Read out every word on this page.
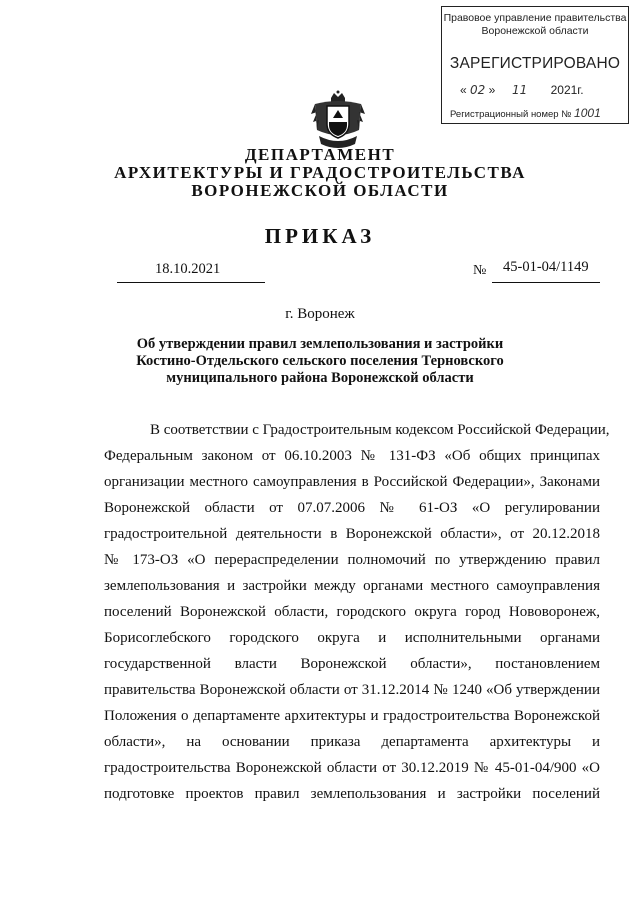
Правовое управление правительства
Воронежской области
ЗАРЕГИСТРИРОВАНО
« 02 »     11 2021г.
Регистрационный номер № 1001
ДЕПАРТАМЕНТ
АРХИТЕКТУРЫ И ГРАДОСТРОИТЕЛЬСТВА
ВОРОНЕЖСКОЙ ОБЛАСТИ
ПРИКАЗ
18.10.2021	№ 45-01-04/1149
г. Воронеж
Об утверждении правил землепользования и застройки
Костино-Отдельского сельского поселения Терновского
муниципального района Воронежской области
В соответствии с Градостроительным кодексом Российской Федерации,
Федеральным законом от 06.10.2003 № 131-ФЗ «Об общих принципах
организации местного самоуправления в Российской Федерации», Законами
Воронежской области от 07.07.2006 № 61-ОЗ «О регулировании
градостроительной деятельности в Воронежской области», от 20.12.2018
№ 173-ОЗ «О перераспределении полномочий по утверждению правил
землепользования и застройки между органами местного самоуправления
поселений Воронежской области, городского округа город Нововоронеж,
Борисоглебского городского округа и исполнительными органами
государственной власти Воронежской области», постановлением
правительства Воронежской области от 31.12.2014 № 1240 «Об утверждении
Положения о департаменте архитектуры и градостроительства Воронежской
области», на основании приказа департамента архитектуры и
градостроительства Воронежской области от 30.12.2019 № 45-01-04/900 «О
подготовке проектов правил землепользования и застройки поселений
